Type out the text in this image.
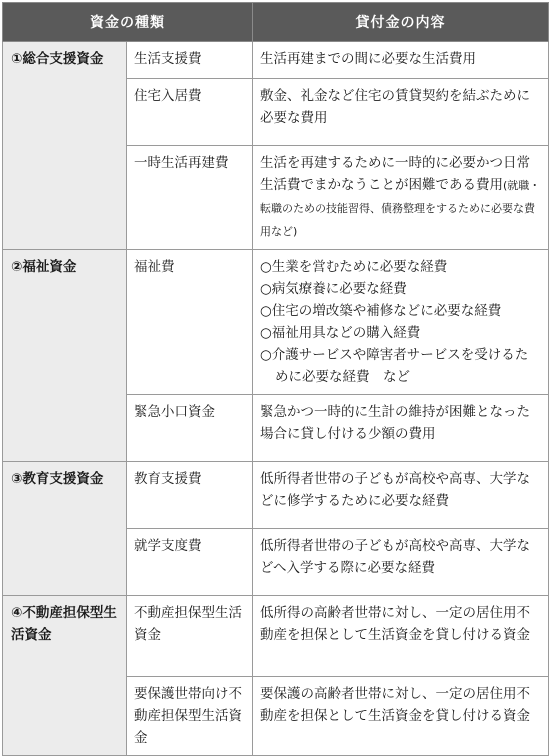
資金の種類		貸付金の内容
①総合支援資金	生活支援費	生活再建までの間に必要な生活費用
	住宅入居費	敷金、礼金など住宅の賃貸契約を結ぶために必要な費用
	一時生活再建費	生活を再建するために一時的に必要かつ日常生活費でまかなうことが困難である費用(就職・転職のための技能習得、債務整理をするために必要な費用など)
②福祉資金	福祉費	○生業を営むために必要な経費
○病気療養に必要な経費
○住宅の増改築や補修などに必要な経費
○福祉用具などの購入経費
○介護サービスや障害者サービスを受けるために必要な経費　など

	緊急小口資金	緊急かつ一時的に生計の維持が困難となった場合に貸し付ける少額の費用
③教育支援資金	教育支援費	低所得者世帯の子どもが高校や高専、大学などに修学するために必要な経費
	就学支度費	低所得者世帯の子どもが高校や高専、大学などへ入学する際に必要な経費
④不動産担保型生活資金	不動産担保型生活資金	低所得の高齢者世帯に対し、一定の居住用不動産を担保として生活資金を貸し付ける資金
	要保護世帯向け不動産担保型生活資金	要保護の高齢者世帯に対し、一定の居住用不動産を担保として生活資金を貸し付ける資金
